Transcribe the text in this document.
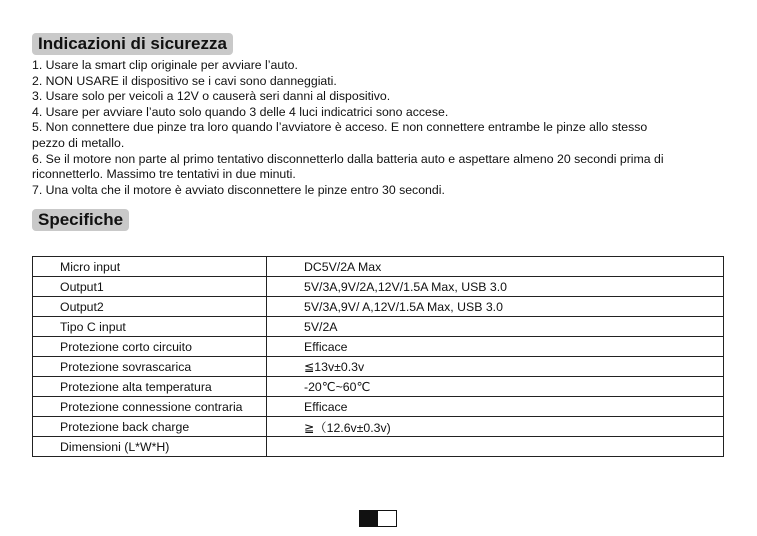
Indicazioni di sicurezza
1. Usare la smart clip originale per avviare l’auto.
2. NON USARE il dispositivo se i cavi sono danneggiati.
3. Usare solo per veicoli a 12V o causerà seri danni al dispositivo.
4. Usare per avviare l’auto solo quando 3 delle 4 luci indicatrici sono accese.
5. Non connettere due pinze tra loro quando l’avviatore è acceso. E non connettere entrambe le pinze allo stesso
pezzo di metallo.
6. Se il motore non parte al primo tentativo disconnetterlo dalla batteria auto e aspettare almeno 20 secondi prima di
riconnetterlo. Massimo tre tentativi in due minuti.
7. Una volta che il motore è avviato disconnettere le pinze entro 30 secondi.
Specifiche
Micro input	DC5V/2A Max
Output1	5V/3A,9V/2A,12V/1.5A Max, USB 3.0
Output2	5V/3A,9V/ A,12V/1.5A Max, USB 3.0
Tipo C input	5V/2A
Protezione corto circuito	Efficace
Protezione sovrascarica	≦13v±0.3v
Protezione alta temperatura	-20℃~60℃
Protezione connessione contraria	Efficace
Protezione back charge	≧（12.6v±0.3v)
Dimensioni (L*W*H)	
